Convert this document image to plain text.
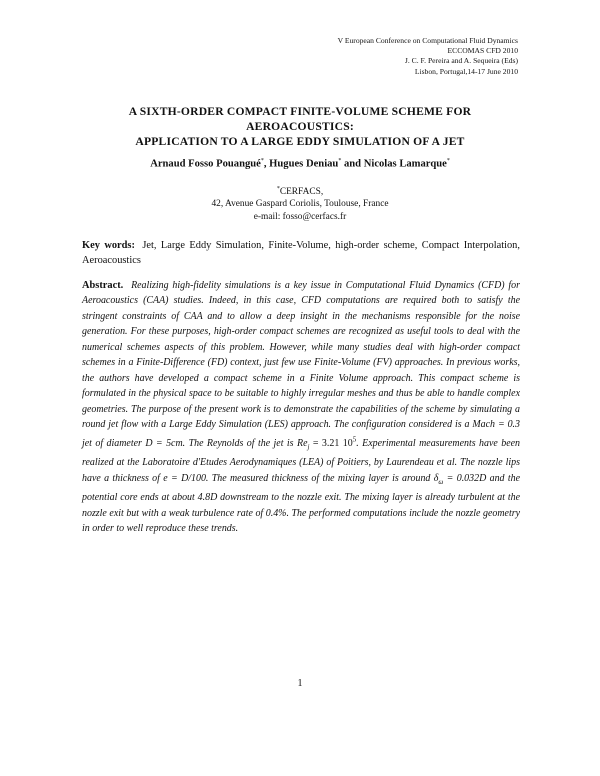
V European Conference on Computational Fluid Dynamics
ECCOMAS CFD 2010
J. C. F. Pereira and A. Sequeira (Eds)
Lisbon, Portugal,14-17 June 2010
A SIXTH-ORDER COMPACT FINITE-VOLUME SCHEME FOR
AEROACOUSTICS:
APPLICATION TO A LARGE EDDY SIMULATION OF A JET
Arnaud Fosso Pouangué*, Hugues Deniau* and Nicolas Lamarque*
*CERFACS,
42, Avenue Gaspard Coriolis, Toulouse, France
e-mail: fosso@cerfacs.fr
Key words: Jet, Large Eddy Simulation, Finite-Volume, high-order scheme, Compact Interpolation, Aeroacoustics
Abstract. Realizing high-fidelity simulations is a key issue in Computational Fluid Dynamics (CFD) for Aeroacoustics (CAA) studies. Indeed, in this case, CFD computations are required both to satisfy the stringent constraints of CAA and to allow a deep insight in the mechanisms responsible for the noise generation. For these purposes, high-order compact schemes are recognized as useful tools to deal with the numerical schemes aspects of this problem. However, while many studies deal with high-order compact schemes in a Finite-Difference (FD) context, just few use Finite-Volume (FV) approaches. In previous works, the authors have developed a compact scheme in a Finite Volume approach. This compact scheme is formulated in the physical space to be suitable to highly irregular meshes and thus be able to handle complex geometries. The purpose of the present work is to demonstrate the capabilities of the scheme by simulating a round jet flow with a Large Eddy Simulation (LES) approach. The configuration considered is a Mach = 0.3 jet of diameter D = 5cm. The Reynolds of the jet is $Re_j = 3.21$ $10^5$. Experimental measurements have been realized at the Laboratoire d'Etudes Aerodynamiques (LEA) of Poitiers, by Laurendeau et al. The nozzle lips have a thickness of e = D/100. The measured thickness of the mixing layer is around $\delta_\omega = 0.032D$ and the potential core ends at about 4.8D downstream to the nozzle exit. The mixing layer is already turbulent at the nozzle exit but with a weak turbulence rate of 0.4%. The performed computations include the nozzle geometry in order to well reproduce these trends.
1
